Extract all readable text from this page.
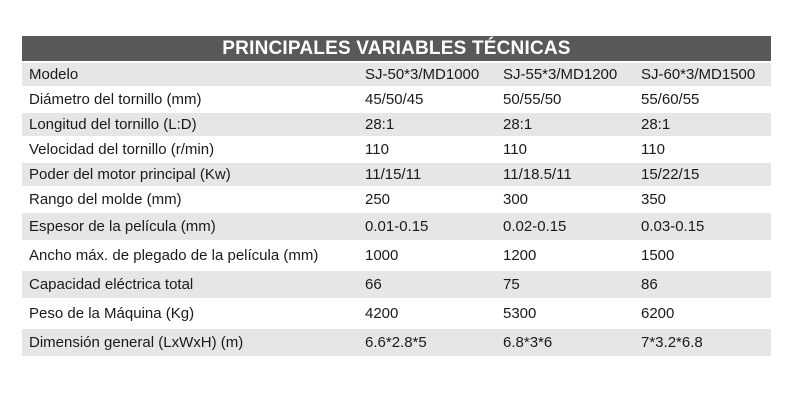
PRINCIPALES VARIABLES TÉCNICAS
Modelo	SJ-50*3/MD1000	SJ-55*3/MD1200	SJ-60*3/MD1500
Diámetro del tornillo (mm)	45/50/45	50/55/50	55/60/55
Longitud del tornillo (L:D)	28:1	28:1	28:1
Velocidad del tornillo (r/min)	110	110	110
Poder del motor principal (Kw)	11/15/11	11/18.5/11	15/22/15
Rango del molde (mm)	250	300	350
Espesor de la película (mm)	0.01-0.15	0.02-0.15	0.03-0.15
Ancho máx. de plegado de la película (mm)	1000	1200	1500
Capacidad eléctrica total	66	75	86
Peso de la Máquina (Kg)	4200	5300	6200
Dimensión general (LxWxH) (m)	6.6*2.8*5	6.8*3*6	7*3.2*6.8
